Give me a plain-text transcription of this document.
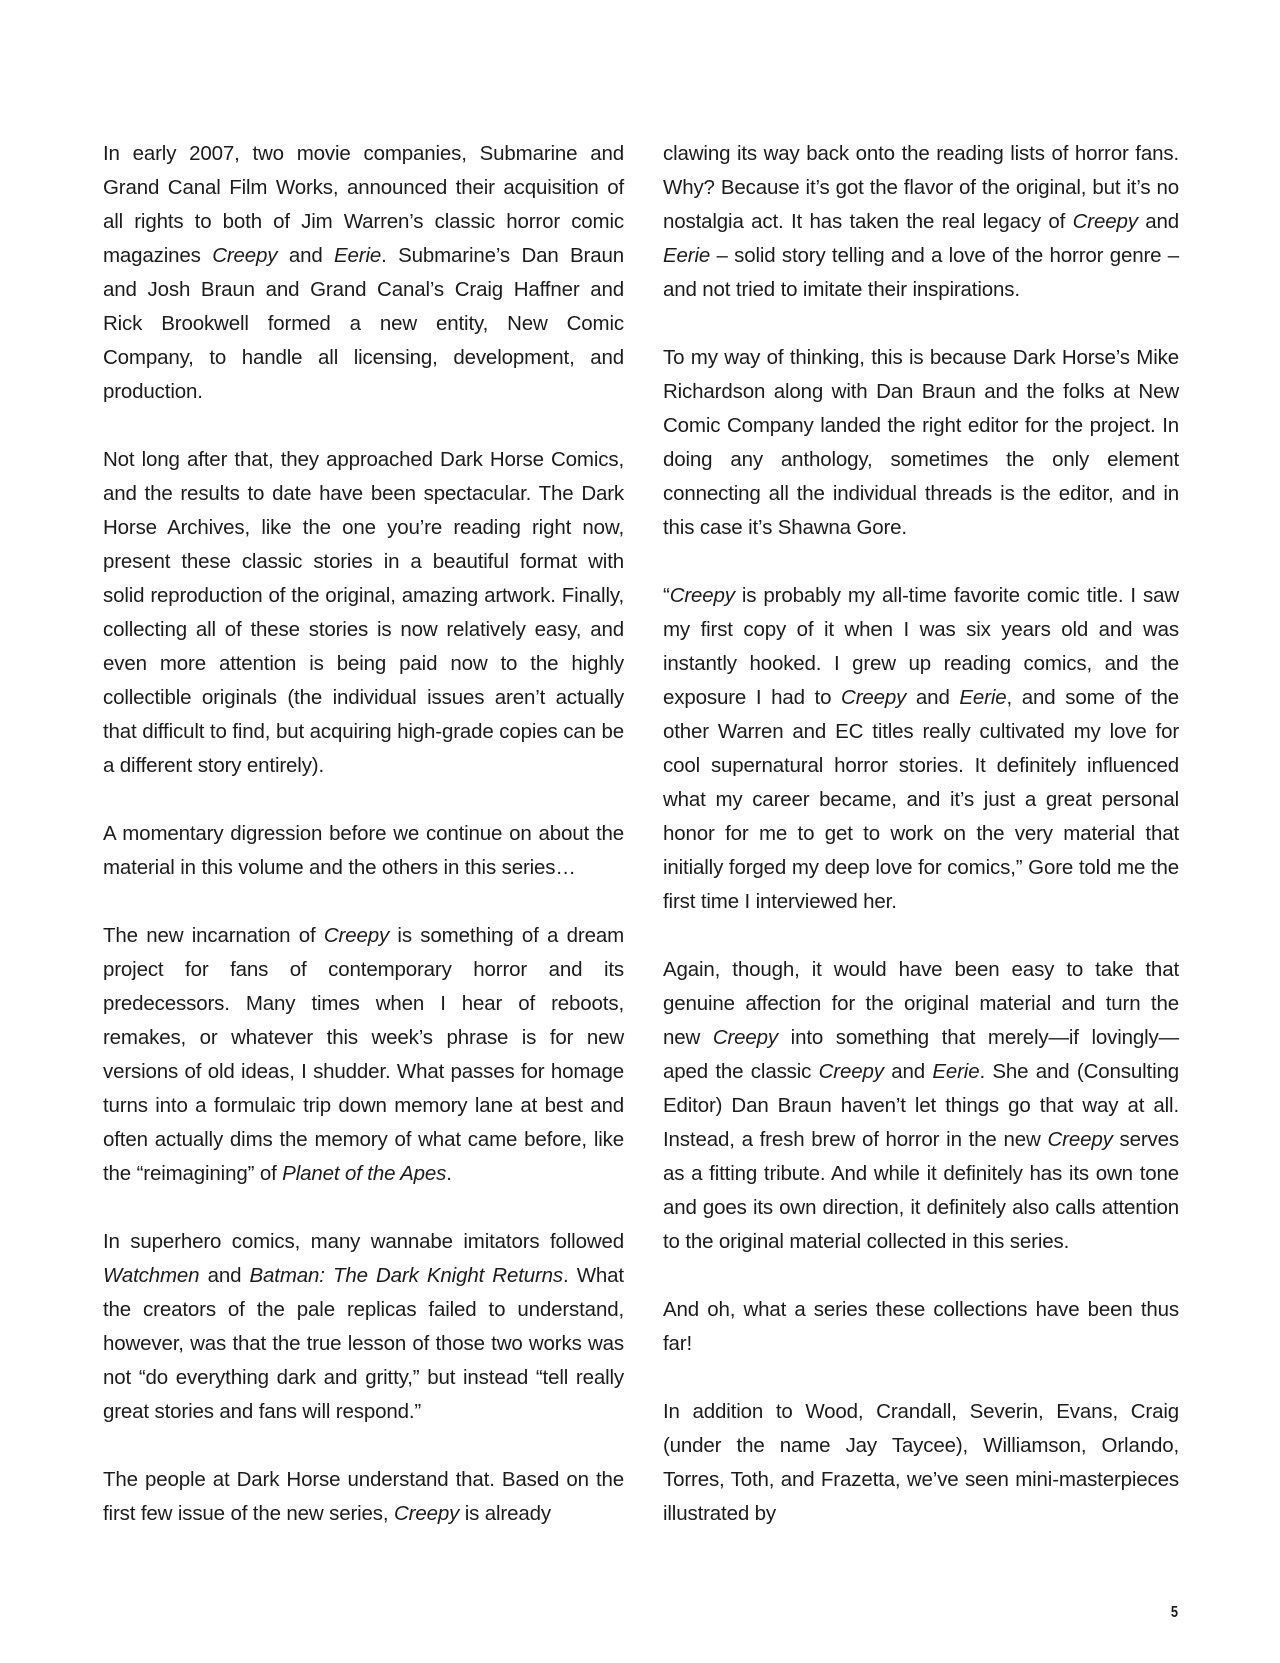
In early 2007, two movie companies, Submarine and Grand Canal Film Works, announced their acquisition of all rights to both of Jim Warren’s classic horror comic magazines Creepy and Eerie. Submarine’s Dan Braun and Josh Braun and Grand Canal’s Craig Haffner and Rick Brookwell formed a new entity, New Comic Company, to handle all licensing, development, and production.

Not long after that, they approached Dark Horse Comics, and the results to date have been spectacular. The Dark Horse Archives, like the one you’re reading right now, present these classic stories in a beautiful format with solid reproduction of the original, amazing artwork. Finally, collecting all of these stories is now relatively easy, and even more attention is being paid now to the highly collectible originals (the individual issues aren’t actually that difficult to find, but acquiring high-grade copies can be a different story entirely).

A momentary digression before we continue on about the material in this volume and the others in this series…

The new incarnation of Creepy is something of a dream project for fans of contemporary horror and its predecessors. Many times when I hear of reboots, remakes, or whatever this week’s phrase is for new versions of old ideas, I shudder. What passes for homage turns into a formulaic trip down memory lane at best and often actually dims the memory of what came before, like the “reimagining” of Planet of the Apes.

In superhero comics, many wannabe imitators followed Watchmen and Batman: The Dark Knight Returns. What the creators of the pale replicas failed to understand, however, was that the true lesson of those two works was not “do everything dark and gritty,” but instead “tell really great stories and fans will respond.”

The people at Dark Horse understand that. Based on the first few issue of the new series, Creepy is already

clawing its way back onto the reading lists of horror fans. Why? Because it’s got the flavor of the original, but it’s no nostalgia act. It has taken the real legacy of Creepy and Eerie – solid story telling and a love of the horror genre – and not tried to imitate their inspirations.

To my way of thinking, this is because Dark Horse’s Mike Richardson along with Dan Braun and the folks at New Comic Company landed the right editor for the project. In doing any anthology, sometimes the only element connecting all the individual threads is the editor, and in this case it’s Shawna Gore.

“Creepy is probably my all-time favorite comic title. I saw my first copy of it when I was six years old and was instantly hooked. I grew up reading comics, and the exposure I had to Creepy and Eerie, and some of the other Warren and EC titles really cultivated my love for cool supernatural horror stories. It definitely influenced what my career became, and it’s just a great personal honor for me to get to work on the very material that initially forged my deep love for comics,” Gore told me the first time I interviewed her.

Again, though, it would have been easy to take that genuine affection for the original material and turn the new Creepy into something that merely—if lovingly—aped the classic Creepy and Eerie. She and (Consulting Editor) Dan Braun haven’t let things go that way at all. Instead, a fresh brew of horror in the new Creepy serves as a fitting tribute. And while it definitely has its own tone and goes its own direction, it definitely also calls attention to the original material collected in this series.

And oh, what a series these collections have been thus far!

In addition to Wood, Crandall, Severin, Evans, Craig (under the name Jay Taycee), Williamson, Orlando, Torres, Toth, and Frazetta, we’ve seen mini-masterpieces illustrated by

5
